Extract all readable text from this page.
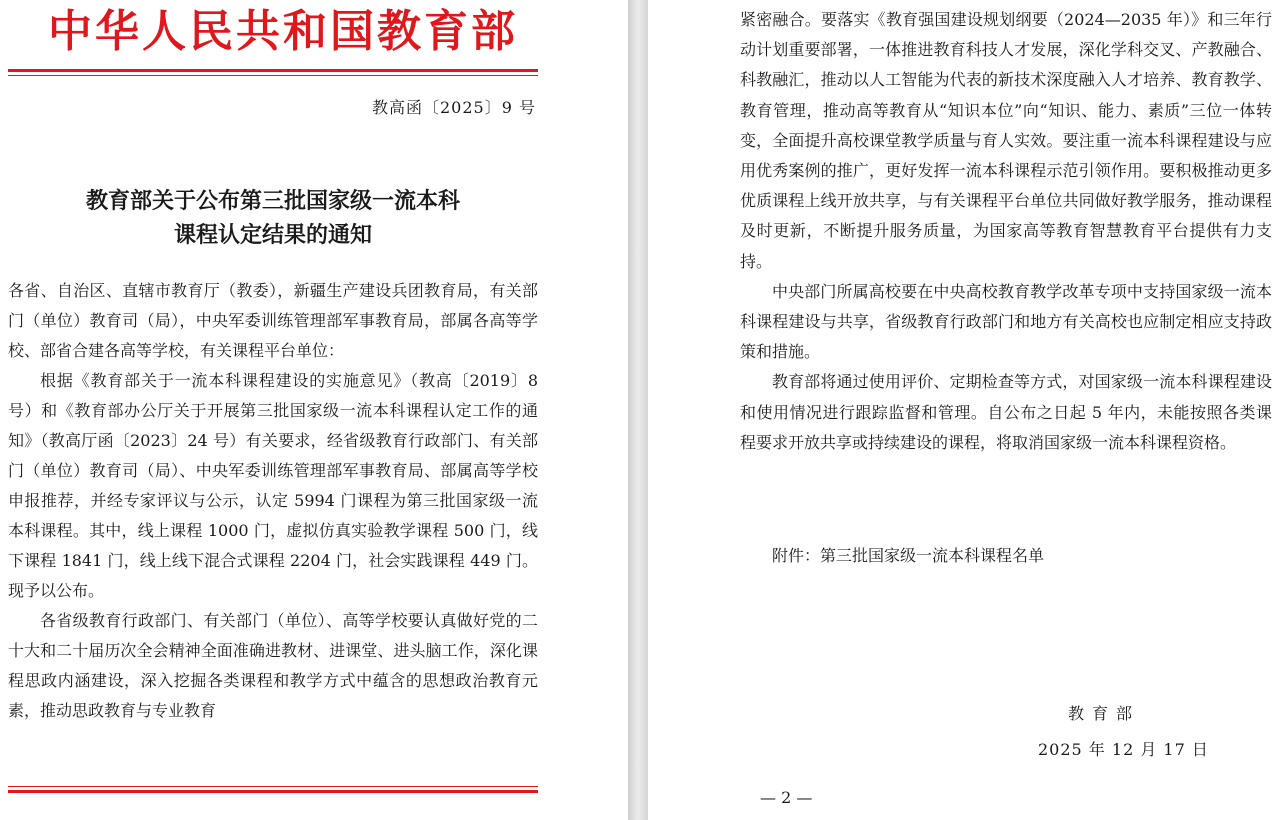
中华人民共和国教育部

教高函〔2025〕9 号

教育部关于公布第三批国家级一流本科
课程认定结果的通知

各省、自治区、直辖市教育厅（教委），新疆生产建设兵团教育局，有关部门（单位）教育司（局），中央军委训练管理部军事教育局，部属各高等学校、部省合建各高等学校，有关课程平台单位：

根据《教育部关于一流本科课程建设的实施意见》（教高〔2019〕8 号）和《教育部办公厅关于开展第三批国家级一流本科课程认定工作的通知》（教高厅函〔2023〕24 号）有关要求，经省级教育行政部门、有关部门（单位）教育司（局）、中央军委训练管理部军事教育局、部属高等学校申报推荐，并经专家评议与公示，认定 5994 门课程为第三批国家级一流本科课程。其中，线上课程 1000 门，虚拟仿真实验教学课程 500 门，线下课程 1841 门，线上线下混合式课程 2204 门，社会实践课程 449 门。现予以公布。

各省级教育行政部门、有关部门（单位）、高等学校要认真做好党的二十大和二十届历次全会精神全面准确进教材、进课堂、进头脑工作，深化课程思政内涵建设，深入挖掘各类课程和教学方式中蕴含的思想政治教育元素，推动思政教育与专业教育

紧密融合。要落实《教育强国建设规划纲要（2024—2035 年）》和三年行动计划重要部署，一体推进教育科技人才发展，深化学科交叉、产教融合、科教融汇，推动以人工智能为代表的新技术深度融入人才培养、教育教学、教育管理，推动高等教育从“知识本位”向“知识、能力、素质”三位一体转变，全面提升高校课堂教学质量与育人实效。要注重一流本科课程建设与应用优秀案例的推广，更好发挥一流本科课程示范引领作用。要积极推动更多优质课程上线开放共享，与有关课程平台单位共同做好教学服务，推动课程及时更新，不断提升服务质量，为国家高等教育智慧教育平台提供有力支持。

中央部门所属高校要在中央高校教育教学改革专项中支持国家级一流本科课程建设与共享，省级教育行政部门和地方有关高校也应制定相应支持政策和措施。

教育部将通过使用评价、定期检查等方式，对国家级一流本科课程建设和使用情况进行跟踪监督和管理。自公布之日起 5 年内，未能按照各类课程要求开放共享或持续建设的课程，将取消国家级一流本科课程资格。

附件：第三批国家级一流本科课程名单

教育部

2025 年 12 月 17 日

— 2 —
